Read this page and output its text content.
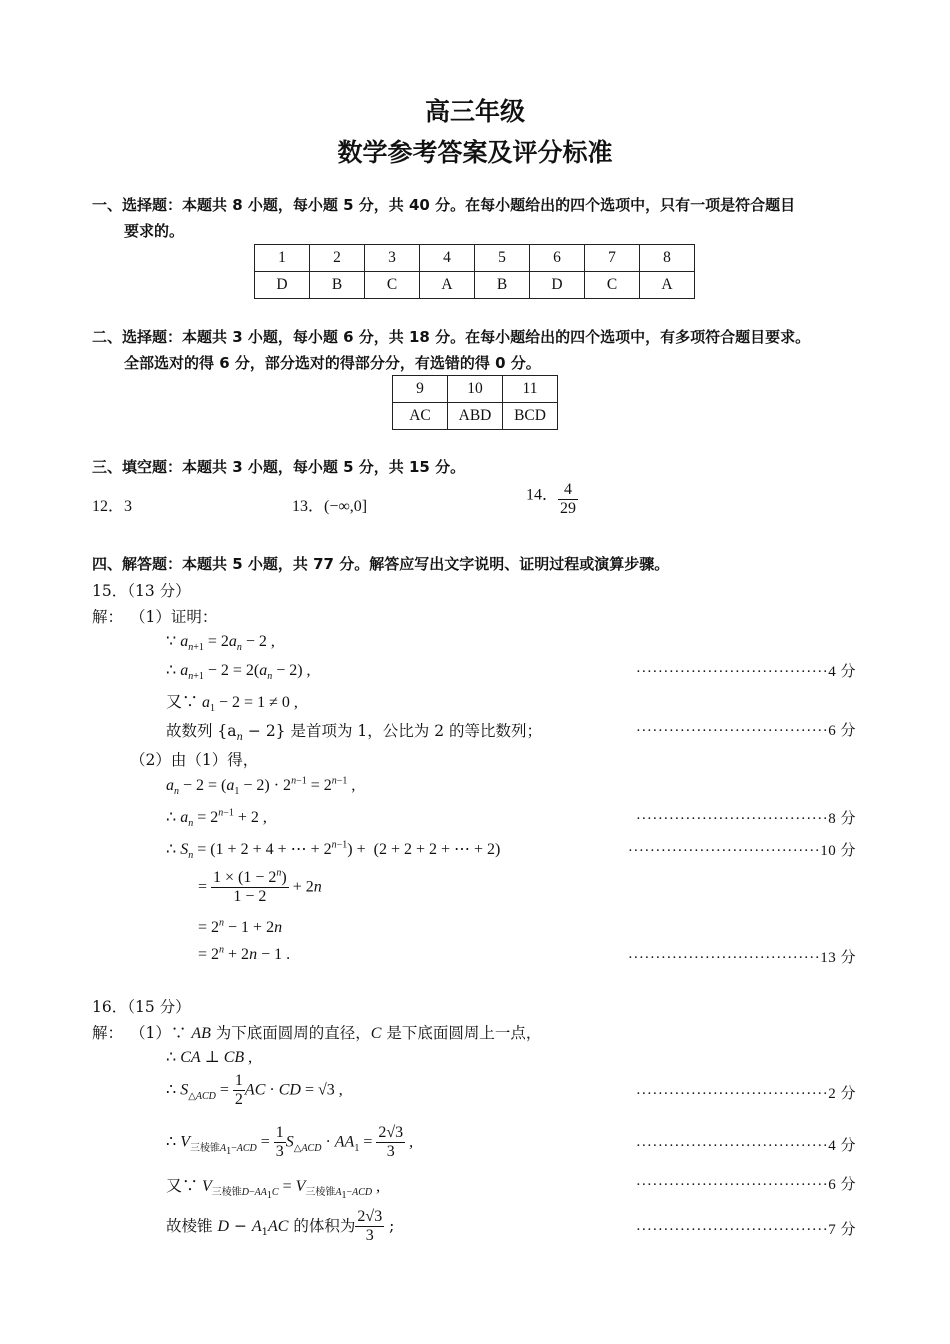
高三年级
数学参考答案及评分标准
一、选择题：本题共 8 小题，每小题 5 分，共 40 分。在每小题给出的四个选项中，只有一项是符合题目
要求的。
1	2	3	4	5	6	7	8
D	B	C	A	B	D	C	A
二、选择题：本题共 3 小题，每小题 6 分，共 18 分。在每小题给出的四个选项中，有多项符合题目要求。
全部选对的得 6 分，部分选对的得部分分，有选错的得 0 分。
9	10	11
AC	ABD	BCD
三、填空题：本题共 3 小题，每小题 5 分，共 15 分。
12．3	13．(−∞,0]
14． $\frac{4}{29}$
四、解答题：本题共 5 小题，共 77 分。解答应写出文字说明、证明过程或演算步骤。
15．（13 分）
解： （1）证明：
∵ $a_{n+1} = 2a_n - 2$ ,
∴ $a_{n+1} - 2 = 2(a_n - 2)$ ,	···································4 分
又∵ $a_1 - 2 = 1 \ne 0$ ,
故数列 $\{a_n - 2\}$ 是首项为 1，公比为 2 的等比数列；	···································6 分
（2）由（1）得，
$a_n - 2 = (a_1 - 2) \cdot 2^{n-1} = 2^{n-1}$ ,
∴ $a_n = 2^{n-1} + 2$ ,	···································8 分
∴ $S_n = (1 + 2 + 4$ + ⋯ + $2^{n-1}) + (2 + 2 + 2$ + ⋯ + 2)	···································10 分
= $\frac{1 \times (1 - 2^n)}{1 - 2} + 2n$
= $2^n - 1 + 2n$
= $2^n + 2n - 1$ .	···································13 分
16．（15 分）
解： （1）∵ AB 为下底面圆周的直径，C 是下底面圆周上一点，
∴ CA ⊥ CB ,
∴ $S_{\triangle ACD} = \frac{1}{2}$ AC · CD = √3 ,	···································2 分
∴ $V_{三棱锥A_1-ACD} = \frac{1}{3} S_{\triangle ACD} \cdot AA_1 = \frac{2√3}{3}$ ,	···································4 分
又∵ $V_{三棱锥D-AA_1C} = V_{三棱锥A_1-ACD}$ ,	···································6 分
故棱锥 $D - A_1AC$ 的体积为 $\frac{2√3}{3}$ ;	···································7 分
